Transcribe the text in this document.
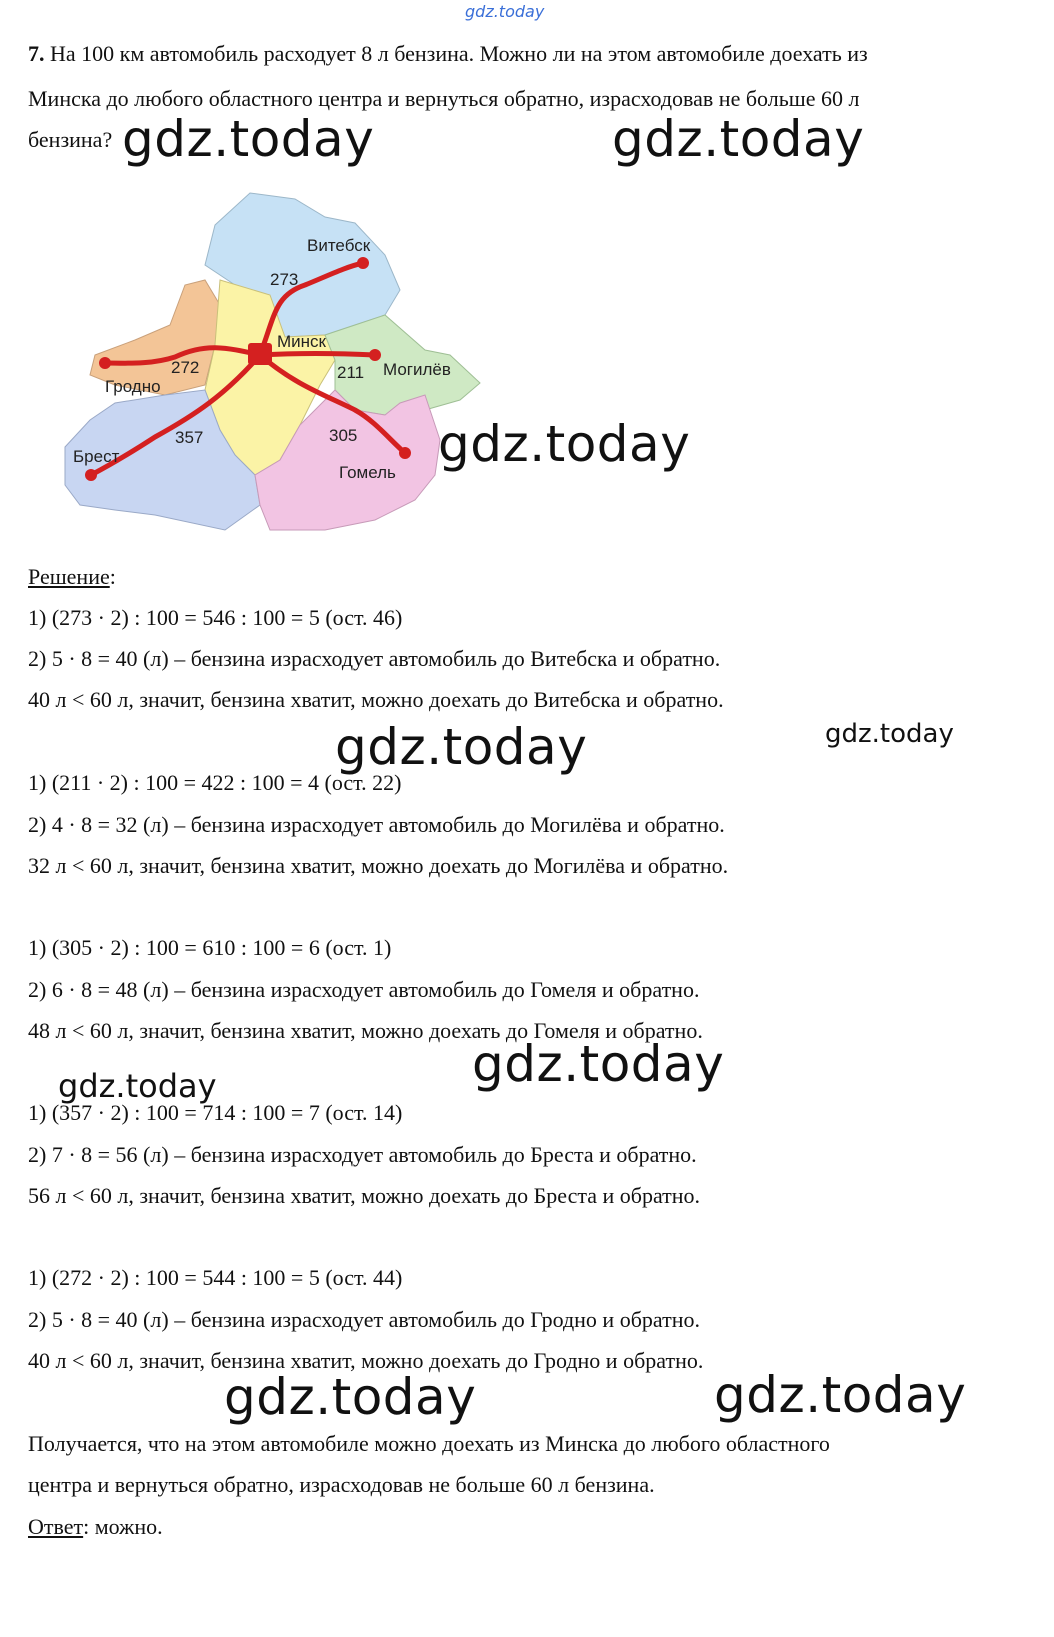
gdz.today
7. На 100 км автомобиль расходует 8 л бензина. Можно ли на этом автомобиле доехать из
Минска до любого областного центра и вернуться обратно, израсходовав не больше 60 л
бензина? gdz.today	gdz.today
Витебск
Минск
Гродно
Могилёв
Брест
Гомель
273
272	211
357	305 gdz.today
Решение:
1) (273 · 2) : 100 = 546 : 100 = 5 (ост. 46)
2) 5 · 8 = 40 (л) – бензина израсходует автомобиль до Витебска и обратно.
40 л < 60 л, значит, бензина хватит, можно доехать до Витебска и обратно.
gdz.today	gdz.today
1) (211 · 2) : 100 = 422 : 100 = 4 (ост. 22)
2) 4 · 8 = 32 (л) – бензина израсходует автомобиль до Могилёва и обратно.
32 л < 60 л, значит, бензина хватит, можно доехать до Могилёва и обратно.
1) (305 · 2) : 100 = 610 : 100 = 6 (ост. 1)
2) 6 · 8 = 48 (л) – бензина израсходует автомобиль до Гомеля и обратно.
48 л < 60 л, значит, бензина хватит, можно доехать до Гомеля и обратно.
gdz.today
gdz.today
1) (357 · 2) : 100 = 714 : 100 = 7 (ост. 14)
2) 7 · 8 = 56 (л) – бензина израсходует автомобиль до Бреста и обратно.
56 л < 60 л, значит, бензина хватит, можно доехать до Бреста и обратно.
1) (272 · 2) : 100 = 544 : 100 = 5 (ост. 44)
2) 5 · 8 = 40 (л) – бензина израсходует автомобиль до Гродно и обратно.
40 л < 60 л, значит, бензина хватит, можно доехать до Гродно и обратно.
gdz.today	gdz.today
Получается, что на этом автомобиле можно доехать из Минска до любого областного
центра и вернуться обратно, израсходовав не больше 60 л бензина.
Ответ: можно.
